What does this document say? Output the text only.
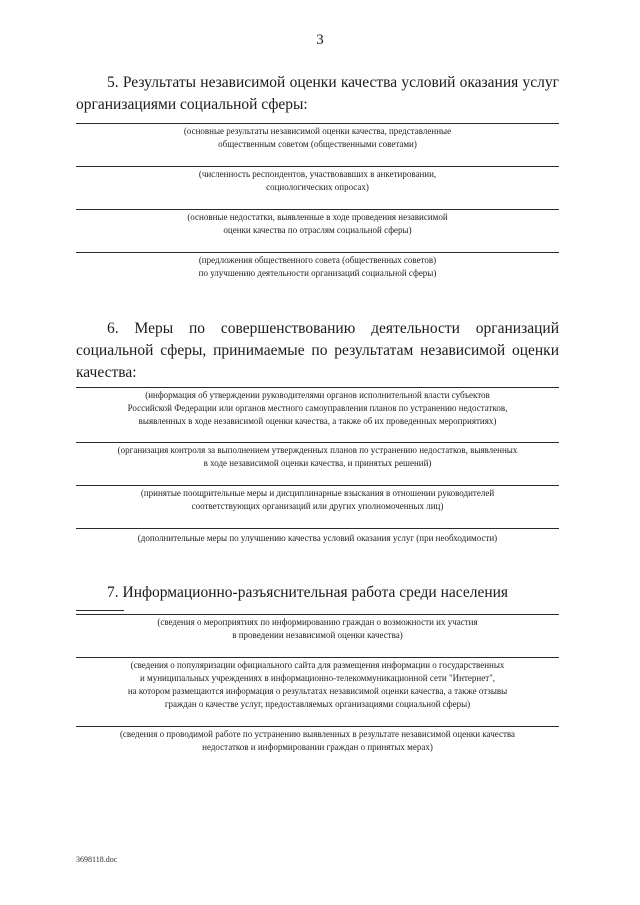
3
5. Результаты независимой оценки качества условий оказания услуг
организациями социальной сферы:
(основные результаты независимой оценки качества, представленные
общественным советом (общественными советами)
(численность респондентов, участвовавших в анкетировании,
социологических опросах)
(основные недостатки, выявленные в ходе проведения независимой
оценки качества по отраслям социальной сферы)
(предложения общественного совета (общественных советов)
по улучшению деятельности организаций социальной сферы)
6. Меры по совершенствованию деятельности организаций
социальной сферы, принимаемые по результатам независимой оценки
качества:
(информация об утверждении руководителями органов исполнительной власти субъектов
Российской Федерации или органов местного самоуправления планов по устранению недостатков,
выявленных в ходе независимой оценки качества, а также об их проведенных мероприятиях)
(организация контроля за выполнением утвержденных планов по устранению недостатков, выявленных
в ходе независимой оценки качества, и принятых решений)
(принятые поощрительные меры и дисциплинарные взыскания в отношении руководителей
соответствующих организаций или других уполномоченных лиц)
(дополнительные меры по улучшению качества условий оказания услуг (при необходимости)
7. Информационно-разъяснительная работа среди населения
(сведения о мероприятиях по информированию граждан о возможности их участия
в проведении независимой оценки качества)
(сведения о популяризации официального сайта для размещения информации о государственных
и муниципальных учреждениях в информационно-телекоммуникационной сети "Интернет",
на котором размещаются информация о результатах независимой оценки качества, а также отзывы
граждан о качестве услуг, предоставляемых организациями социальной сферы)
(сведения о проводимой работе по устранению выявленных в результате независимой оценки качества
недостатков и информировании граждан о принятых мерах)
3698118.doc
